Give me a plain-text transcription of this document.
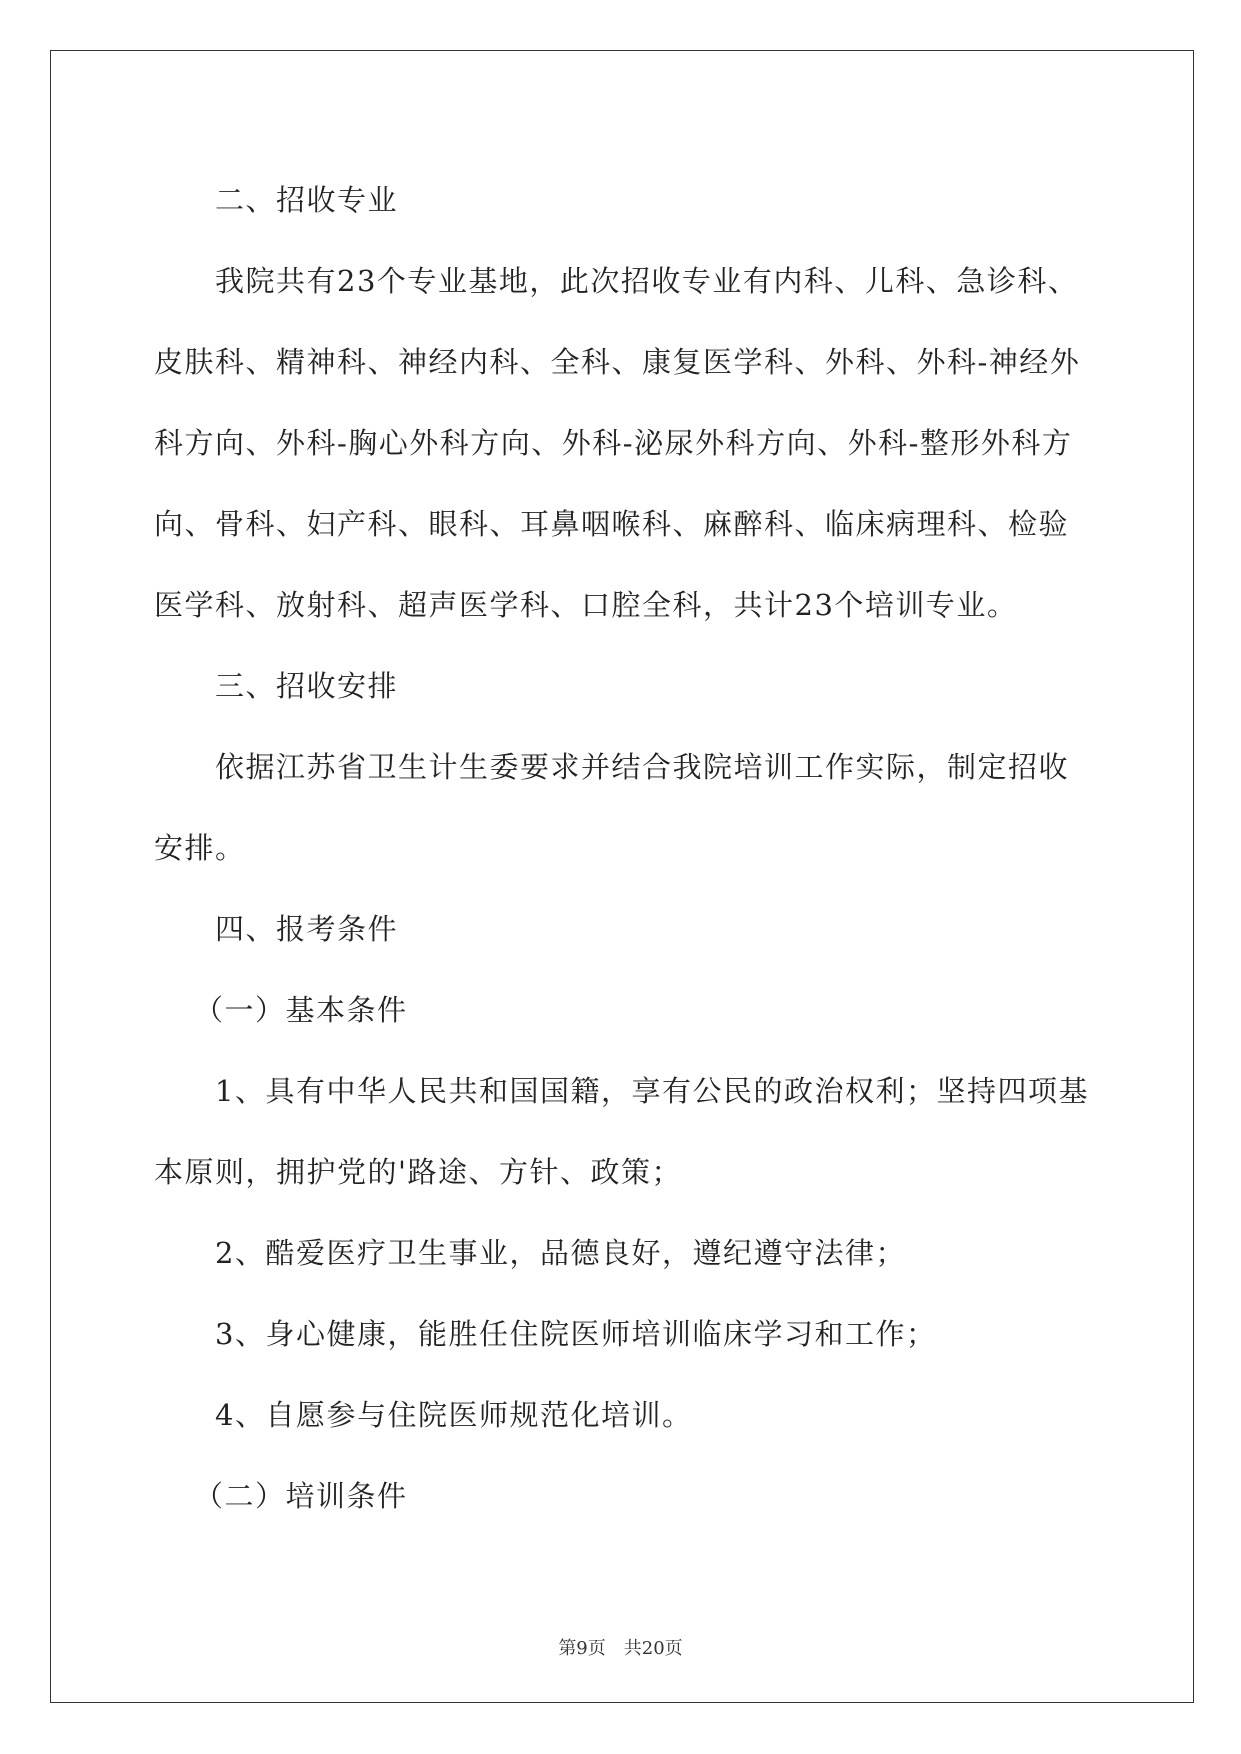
二、招收专业

我院共有23个专业基地，此次招收专业有内科、儿科、急诊科、皮肤科、精神科、神经内科、全科、康复医学科、外科、外科-神经外科方向、外科-胸心外科方向、外科-泌尿外科方向、外科-整形外科方向、骨科、妇产科、眼科、耳鼻咽喉科、麻醉科、临床病理科、检验医学科、放射科、超声医学科、口腔全科，共计23个培训专业。

三、招收安排

依据江苏省卫生计生委要求并结合我院培训工作实际，制定招收安排。

四、报考条件

（一）基本条件

1、具有中华人民共和国国籍，享有公民的政治权利；坚持四项基本原则，拥护党的'路途、方针、政策；

2、酷爱医疗卫生事业，品德良好，遵纪遵守法律；

3、身心健康，能胜任住院医师培训临床学习和工作；

4、自愿参与住院医师规范化培训。

（二）培训条件

第9页　共20页
